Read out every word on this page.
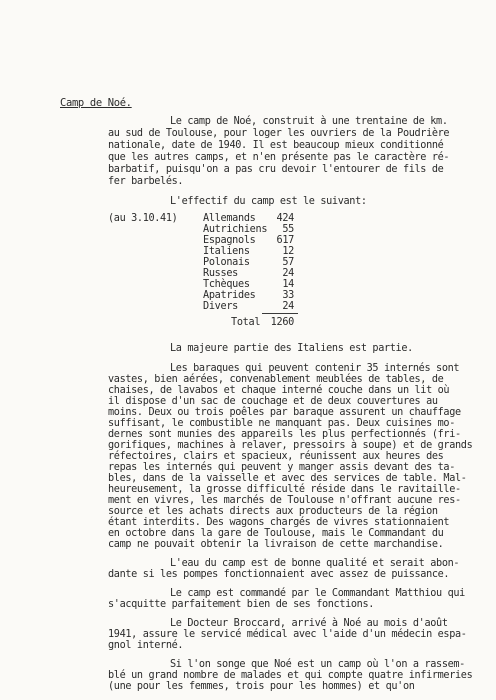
Camp de Noé.
Le camp de Noé, construit à une trentaine de km.
au sud de Toulouse, pour loger les ouvriers de la Poudrière
nationale, date de 1940. Il est beaucoup mieux conditionné
que les autres camps, et n'en présente pas le caractère ré-
barbatif, puisqu'on a pas cru devoir l'entourer de fils de
fer barbelés.
L'effectif du camp est le suivant:
(au 3.10.41)	Allemands	424
Autrichiens	55
Espagnols	617
Italiens	12
Polonais	57
Russes	24
Tchèques	14
Apatrides	33
Divers	24
Total	1260
La majeure partie des Italiens est partie.
Les baraques qui peuvent contenir 35 internés sont
vastes, bien aérées, convenablement meublées de tables, de
chaises, de lavabos et chaque interné couche dans un lit où
il dispose d'un sac de couchage et de deux couvertures au
moins. Deux ou trois poêles par baraque assurent un chauffage
suffisant, le combustible ne manquant pas. Deux cuisines mo-
dernes sont munies des appareils les plus perfectionnés (fri-
gorifiques, machines à relaver, pressoirs à soupe) et de grands
réfectoires, clairs et spacieux, réunissent aux heures des
repas les internés qui peuvent y manger assis devant des ta-
bles, dans de la vaisselle et avec des services de table. Mal-
heureusement, la grosse difficulté réside dans le ravitaille-
ment en vivres, les marchés de Toulouse n'offrant aucune res-
source et les achats directs aux producteurs de la région
étant interdits. Des wagons chargés de vivres stationnaient
en octobre dans la gare de Toulouse, mais le Commandant du
camp ne pouvait obtenir la livraison de cette marchandise.
L'eau du camp est de bonne qualité et serait abon-
dante si les pompes fonctionnaient avec assez de puissance.
Le camp est commandé par le Commandant Matthiou qui
s'acquitte parfaitement bien de ses fonctions.
Le Docteur Broccard, arrivé à Noé au mois d'août
1941, assure le servicé médical avec l'aide d'un médecin espa-
gnol interné.
Si l'on songe que Noé est un camp où l'on a rassem-
blé un grand nombre de malades et qui compte quatre infirmeries
(une pour les femmes, trois pour les hommes) et qu'on
